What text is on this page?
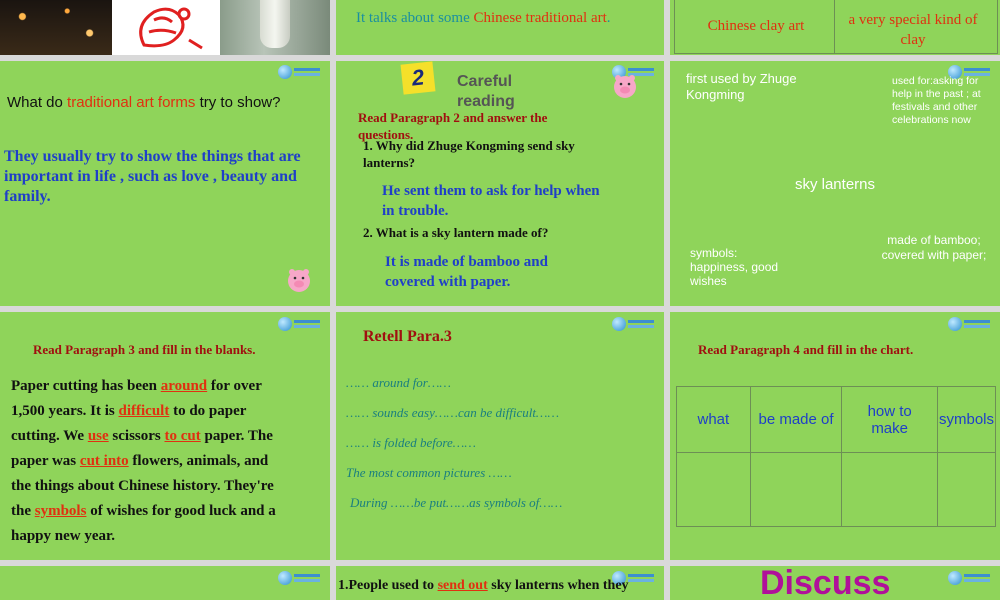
It talks about some Chinese traditional art.	Chinese clay art	a very special kind of clay
What do traditional art forms try to show?
They usually try to show the things that are important in life , such as love , beauty and family.
2	Careful reading
Read Paragraph 2 and answer the questions.
1. Why did Zhuge Kongming send sky lanterns?
He sent them to ask for help when in trouble.
2. What is a sky lantern made of?
It is made of bamboo and covered with paper.
first used by Zhuge Kongming
used for:asking for help in the past ; at festivals and other celebrations now
sky lanterns
made of bamboo; covered with paper;
symbols: happiness, good wishes
Read Paragraph 3 and fill in the blanks.
Paper cutting has been around for over
1,500 years. It is difficult to do paper
cutting. We use scissors to cut paper. The
paper was cut into flowers, animals, and
the things about Chinese history. They're
the symbols of wishes for good luck and a
happy new year.
Retell Para.3
…… around for……
…… sounds easy……can be difficult……
…… is folded before……
The most common pictures ……
During ……be put……as symbols of……
Read Paragraph 4 and fill in the chart.
what	be made of	how to make	symbols

1.People used to send out sky lanterns when they	Discuss
